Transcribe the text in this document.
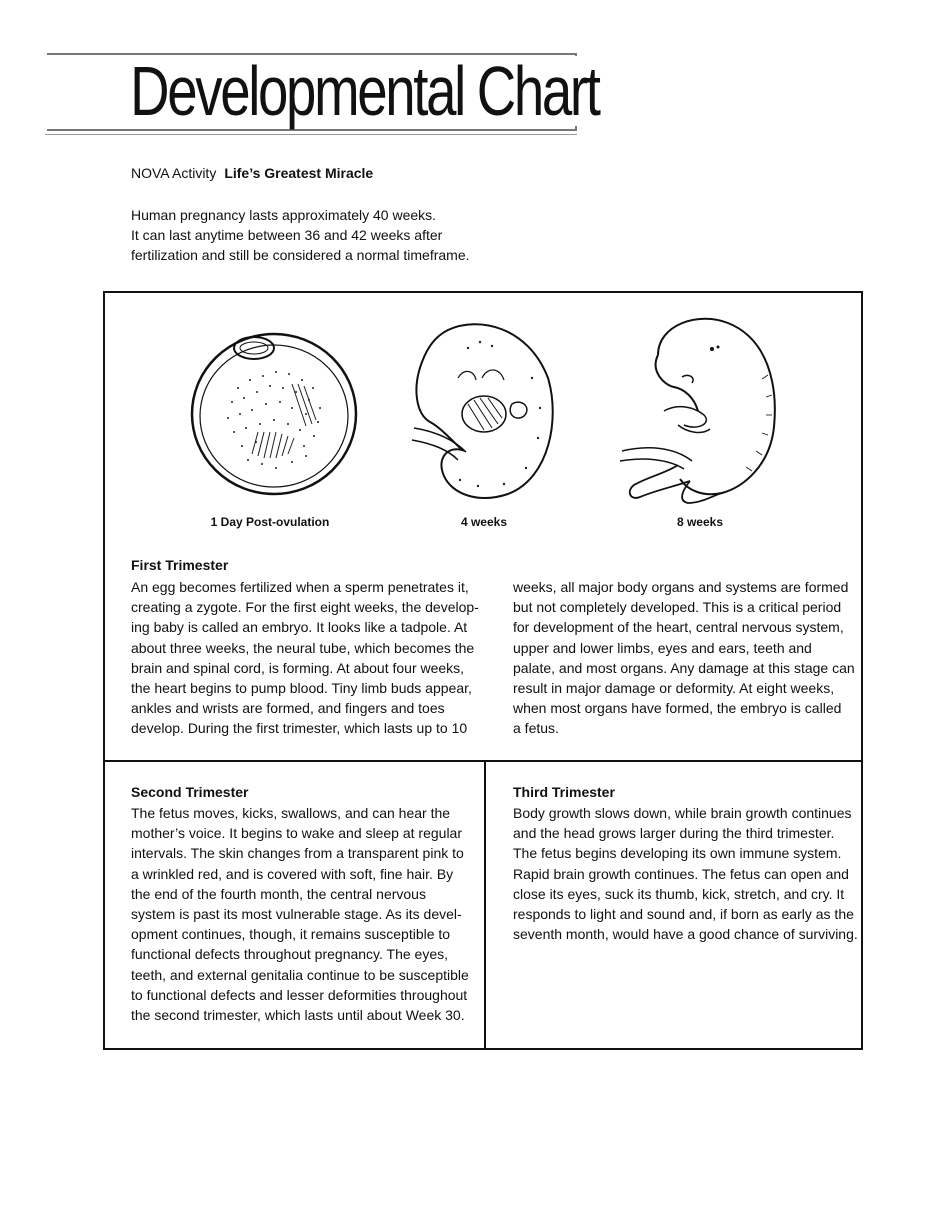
Developmental Chart
NOVA Activity Life’s Greatest Miracle
Human pregnancy lasts approximately 40 weeks.
It can last anytime between 36 and 42 weeks after
fertilization and still be considered a normal timeframe.
1 Day Post-ovulation	4 weeks	8 weeks
First Trimester
An egg becomes fertilized when a sperm penetrates it,
creating a zygote. For the first eight weeks, the develop-
ing baby is called an embryo. It looks like a tadpole. At
about three weeks, the neural tube, which becomes the
brain and spinal cord, is forming. At about four weeks,
the heart begins to pump blood. Tiny limb buds appear,
ankles and wrists are formed, and fingers and toes
develop. During the first trimester, which lasts up to 10
weeks, all major body organs and systems are formed
but not completely developed. This is a critical period
for development of the heart, central nervous system,
upper and lower limbs, eyes and ears, teeth and
palate, and most organs. Any damage at this stage can
result in major damage or deformity. At eight weeks,
when most organs have formed, the embryo is called
a fetus.
Second Trimester
The fetus moves, kicks, swallows, and can hear the
mother’s voice. It begins to wake and sleep at regular
intervals. The skin changes from a transparent pink to
a wrinkled red, and is covered with soft, fine hair. By
the end of the fourth month, the central nervous
system is past its most vulnerable stage. As its devel-
opment continues, though, it remains susceptible to
functional defects throughout pregnancy. The eyes,
teeth, and external genitalia continue to be susceptible
to functional defects and lesser deformities throughout
the second trimester, which lasts until about Week 30.
Third Trimester
Body growth slows down, while brain growth continues
and the head grows larger during the third trimester.
The fetus begins developing its own immune system.
Rapid brain growth continues. The fetus can open and
close its eyes, suck its thumb, kick, stretch, and cry. It
responds to light and sound and, if born as early as the
seventh month, would have a good chance of surviving.
